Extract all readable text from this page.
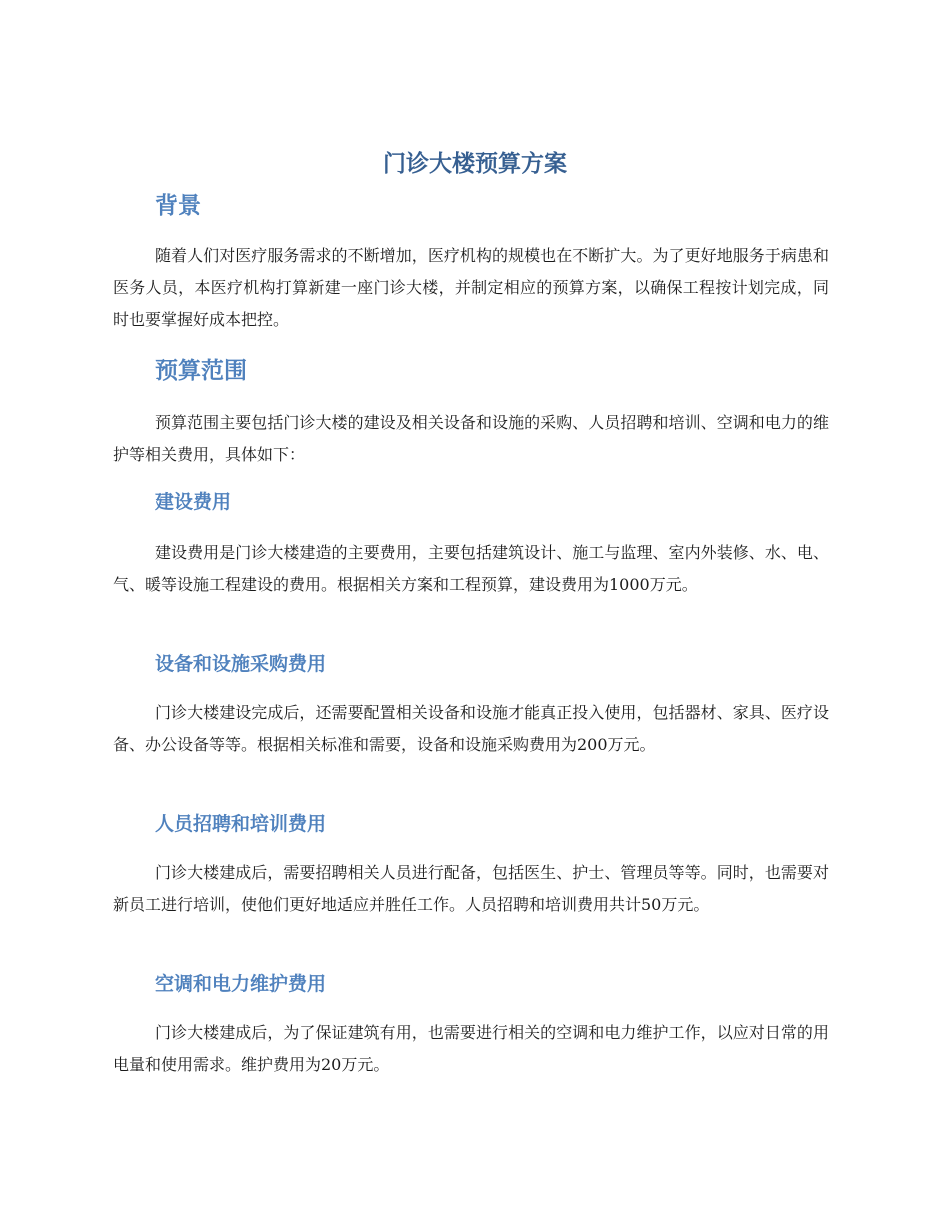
门诊大楼预算方案
背景

随着人们对医疗服务需求的不断增加，医疗机构的规模也在不断扩大。为了更好地服务于病患和医务人员，本医疗机构打算新建一座门诊大楼，并制定相应的预算方案，以确保工程按计划完成，同时也要掌握好成本把控。

预算范围

预算范围主要包括门诊大楼的建设及相关设备和设施的采购、人员招聘和培训、空调和电力的维护等相关费用，具体如下：

建设费用

建设费用是门诊大楼建造的主要费用，主要包括建筑设计、施工与监理、室内外装修、水、电、气、暖等设施工程建设的费用。根据相关方案和工程预算，建设费用为1000万元。

设备和设施采购费用

门诊大楼建设完成后，还需要配置相关设备和设施才能真正投入使用，包括器材、家具、医疗设备、办公设备等等。根据相关标准和需要，设备和设施采购费用为200万元。

人员招聘和培训费用

门诊大楼建成后，需要招聘相关人员进行配备，包括医生、护士、管理员等等。同时，也需要对新员工进行培训，使他们更好地适应并胜任工作。人员招聘和培训费用共计50万元。

空调和电力维护费用

门诊大楼建成后，为了保证建筑有用，也需要进行相关的空调和电力维护工作，以应对日常的用电量和使用需求。维护费用为20万元。
